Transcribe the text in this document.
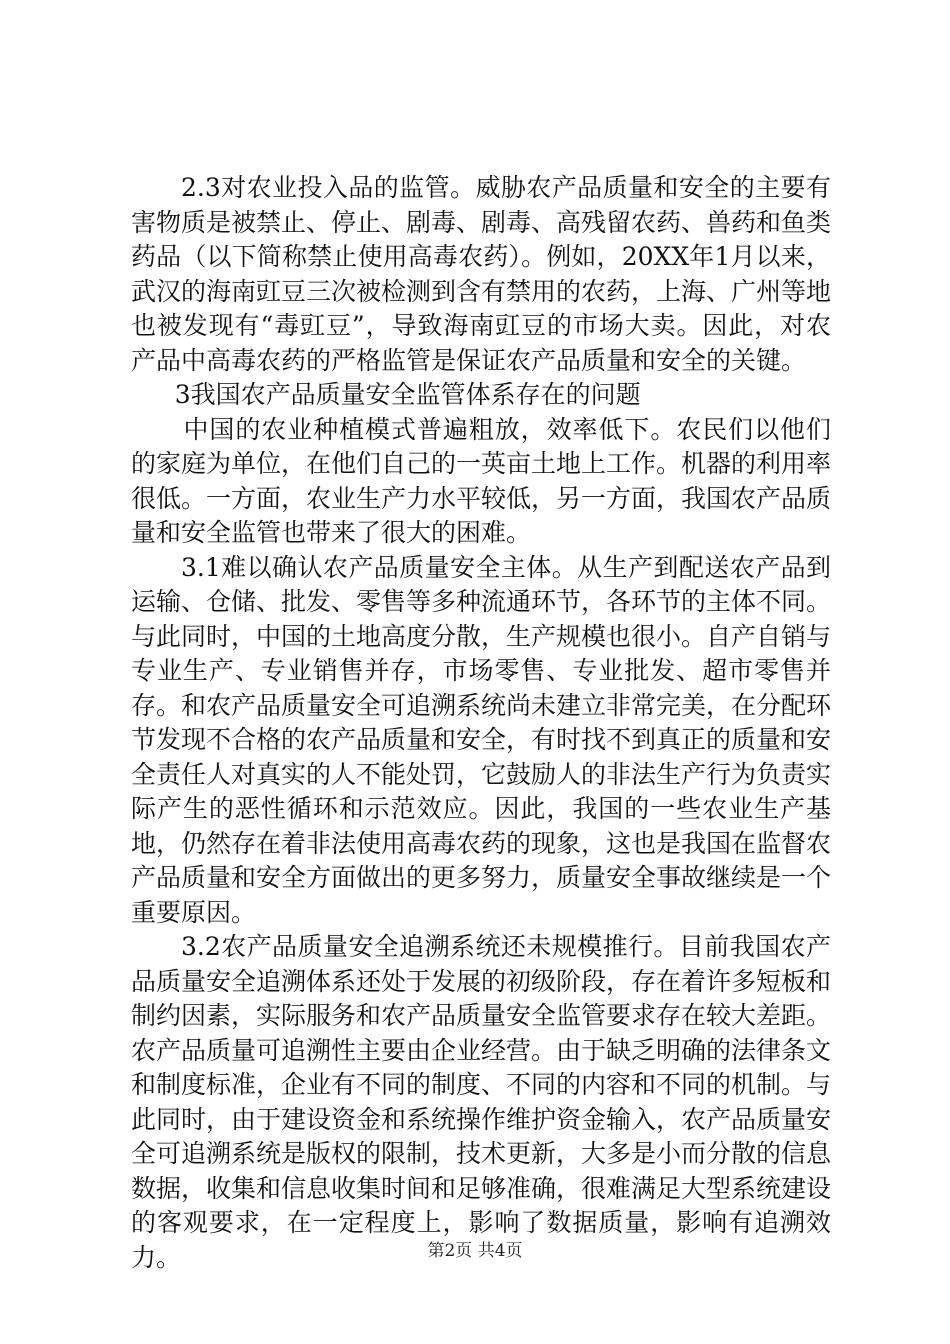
2.3对农业投入品的监管。威胁农产品质量和安全的主要有害物质是被禁止、停止、剧毒、剧毒、高残留农药、兽药和鱼类药品（以下简称禁止使用高毒农药）。例如，20XX年1月以来，武汉的海南豇豆三次被检测到含有禁用的农药，上海、广州等地也被发现有“毒豇豆”，导致海南豇豆的市场大卖。因此，对农产品中高毒农药的严格监管是保证农产品质量和安全的关键。

3我国农产品质量安全监管体系存在的问题

中国的农业种植模式普遍粗放，效率低下。农民们以他们的家庭为单位，在他们自己的一英亩土地上工作。机器的利用率很低。一方面，农业生产力水平较低，另一方面，我国农产品质量和安全监管也带来了很大的困难。

3.1难以确认农产品质量安全主体。从生产到配送农产品到运输、仓储、批发、零售等多种流通环节，各环节的主体不同。与此同时，中国的土地高度分散，生产规模也很小。自产自销与专业生产、专业销售并存，市场零售、专业批发、超市零售并存。和农产品质量安全可追溯系统尚未建立非常完美，在分配环节发现不合格的农产品质量和安全，有时找不到真正的质量和安全责任人对真实的人不能处罚，它鼓励人的非法生产行为负责实际产生的恶性循环和示范效应。因此，我国的一些农业生产基地，仍然存在着非法使用高毒农药的现象，这也是我国在监督农产品质量和安全方面做出的更多努力，质量安全事故继续是一个重要原因。

3.2农产品质量安全追溯系统还未规模推行。目前我国农产品质量安全追溯体系还处于发展的初级阶段，存在着许多短板和制约因素，实际服务和农产品质量安全监管要求存在较大差距。农产品质量可追溯性主要由企业经营。由于缺乏明确的法律条文和制度标准，企业有不同的制度、不同的内容和不同的机制。与此同时，由于建设资金和系统操作维护资金输入，农产品质量安全可追溯系统是版权的限制，技术更新，大多是小而分散的信息数据，收集和信息收集时间和足够准确，很难满足大型系统建设的客观要求，在一定程度上，影响了数据质量，影响有追溯效力。	第2页 共4页
